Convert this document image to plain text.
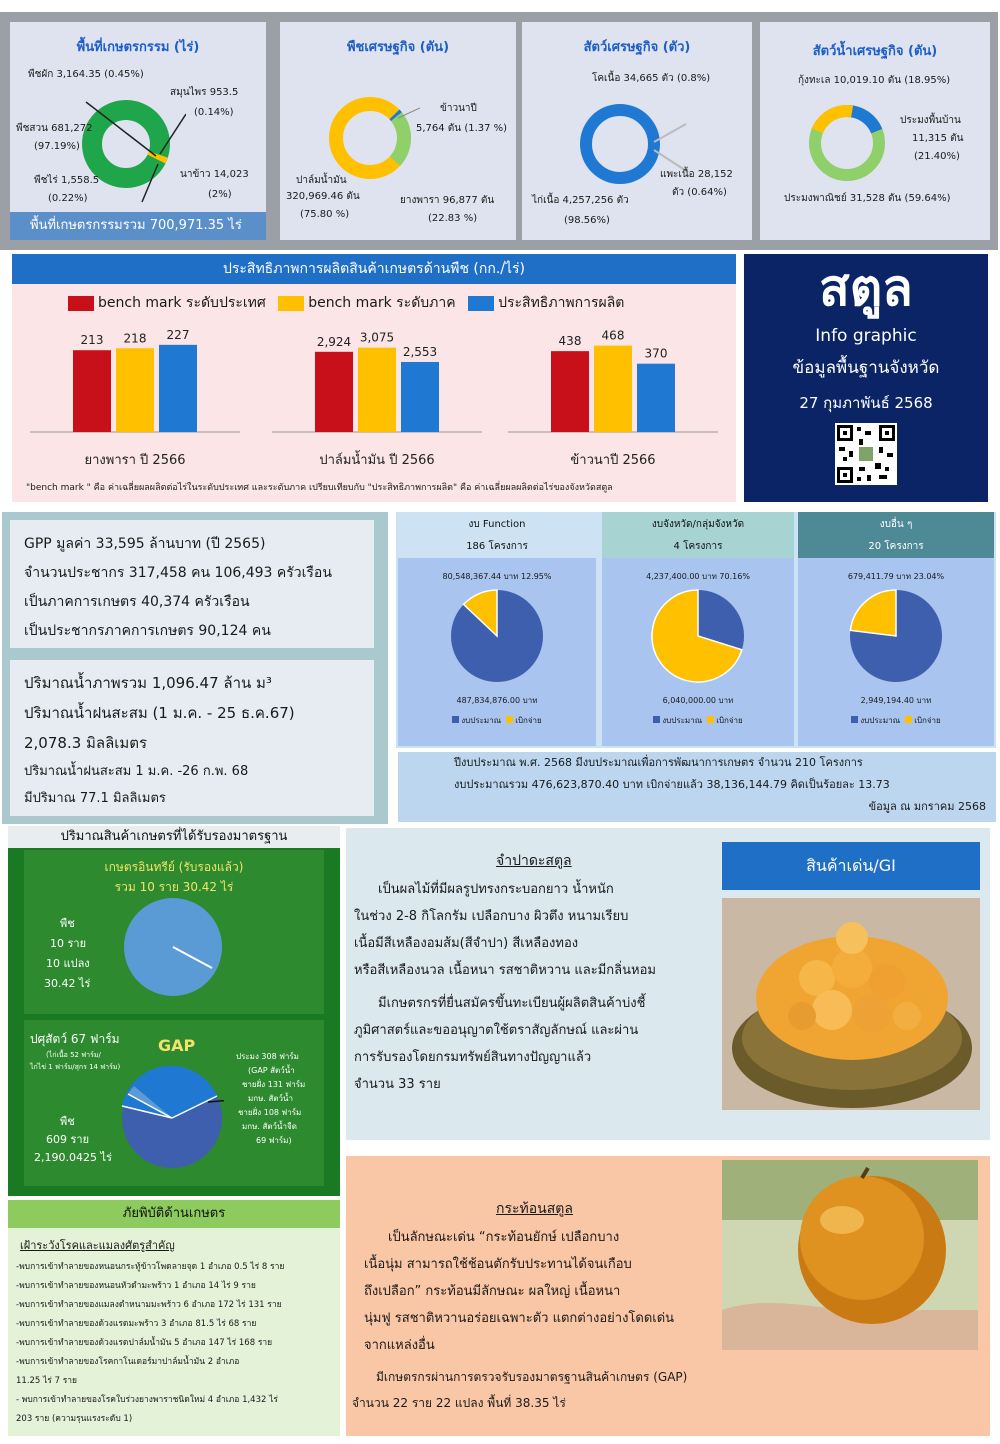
พื้นที่เกษตรกรรม (ไร่)
พืชผัก 3,164.35 (0.45%)
สมุนไพร 953.5
(0.14%)
พืชสวน 681,272
(97.19%)
พืชไร่ 1,558.5
(0.22%)
นาข้าว 14,023
(2%)
พื้นที่เกษตรกรรมรวม 700,971.35 ไร่
พืชเศรษฐกิจ (ตัน)
ข้าวนาปี
5,764 ตัน (1.37 %)
ปาล์มน้ำมัน
320,969.46 ตัน
(75.80 %)
ยางพารา 96,877 ตัน
(22.83 %)
สัตว์เศรษฐกิจ (ตัว)
โคเนื้อ 34,665 ตัว (0.8%)
แพะเนื้อ 28,152
ตัว (0.64%)
ไก่เนื้อ 4,257,256 ตัว
(98.56%)
สัตว์น้ำเศรษฐกิจ (ตัน)
กุ้งทะเล 10,019.10 ตัน (18.95%)
ประมงพื้นบ้าน
11,315 ตัน
(21.40%)
ประมงพาณิชย์ 31,528 ตัน (59.64%)
ประสิทธิภาพการผลิตสินค้าเกษตรด้านพืช (กก./ไร่)
bench mark ระดับประเทศ	bench mark ระดับภาค	ประสิทธิภาพการผลิต
213 218 227
ยางพารา ปี 2566
2,924 3,075
2,553
ปาล์มน้ำมัน ปี 2566
438 468
370
ข้าวนาปี 2566
"bench mark " คือ ค่าเฉลี่ยผลผลิตต่อไร่ในระดับประเทศ และระดับภาค เปรียบเทียบกับ "ประสิทธิภาพการผลิต" คือ ค่าเฉลี่ยผลผลิตต่อไร่ของจังหวัดสตูล
สตูล
Info graphic
ข้อมูลพื้นฐานจังหวัด
27 กุมภาพันธ์ 2568
GPP มูลค่า 33,595 ล้านบาท (ปี 2565)
จำนวนประชากร 317,458 คน 106,493 ครัวเรือน
เป็นภาคการเกษตร 40,374 ครัวเรือน
เป็นประชากรภาคการเกษตร 90,124 คน
ปริมาณน้ำภาพรวม 1,096.47 ล้าน ม³
ปริมาณน้ำฝนสะสม (1 ม.ค. - 25 ธ.ค.67)
2,078.3 มิลลิเมตร
ปริมาณน้ำฝนสะสม 1 ม.ค. -26 ก.พ. 68
มีปริมาณ 77.1 มิลลิเมตร
งบ Function
186 โครงการ
80,548,367.44 บาท 12.95%
487,834,876.00 บาท
งบประมาณ เบิกจ่าย
งบจังหวัด/กลุ่มจังหวัด
4 โครงการ
4,237,400.00 บาท 70.16%
6,040,000.00 บาท
งบประมาณ เบิกจ่าย
งบอื่น ๆ
20 โครงการ
679,411.79 บาท 23.04%
2,949,194.40 บาท
งบประมาณ เบิกจ่าย
ปีงบประมาณ พ.ศ. 2568 มีงบประมาณเพื่อการพัฒนาการเกษตร จำนวน 210 โครงการ
งบประมาณรวม 476,623,870.40 บาท เบิกจ่ายแล้ว 38,136,144.79 คิดเป็นร้อยละ 13.73
ข้อมูล ณ มกราคม 2568
ปริมาณสินค้าเกษตรที่ได้รับรองมาตรฐาน
เกษตรอินทรีย์ (รับรองแล้ว)
รวม 10 ราย 30.42 ไร่
พืช
10 ราย
10 แปลง
30.42 ไร่
ปศุสัตว์ 67 ฟาร์ม
(ไก่เนื้อ 52 ฟาร์ม/
ไก่ไข่ 1 ฟาร์ม/สุกร 14 ฟาร์ม)
GAP
ประมง 308 ฟาร์ม
(GAP สัตว์น้ำ
ชายฝั่ง 131 ฟาร์ม
มกษ. สัตว์น้ำ
ชายฝั่ง 108 ฟาร์ม
มกษ. สัตว์น้ำจืด
69 ฟาร์ม)
พืช
609 ราย
2,190.0425 ไร่
ภัยพิบัติด้านเกษตร
เฝ้าระวังโรคและแมลงศัตรูสำคัญ
-พบการเข้าทำลายของหนอนกระทู้ข้าวโพดลายจุด 1 อำเภอ 0.5 ไร่ 8 ราย
-พบการเข้าทำลายของหนอนหัวดำมะพร้าว 1 อำเภอ 14 ไร่ 9 ราย
-พบการเข้าทำลายของแมลงดำหนามมะพร้าว 6 อำเภอ 172 ไร่ 131 ราย
-พบการเข้าทำลายของด้วงแรดมะพร้าว 3 อำเภอ 81.5 ไร่ 68 ราย
-พบการเข้าทำลายของด้วงแรดปาล์มน้ำมัน 5 อำเภอ 147 ไร่ 168 ราย
-พบการเข้าทำลายของโรคกาโนเดอร์มาปาล์มน้ำมัน 2 อำเภอ
11.25 ไร่ 7 ราย
- พบการเข้าทำลายของโรคใบร่วงยางพาราชนิดใหม่ 4 อำเภอ 1,432 ไร่
203 ราย (ความรุนแรงระดับ 1)
สินค้าเด่น/GI
จำปาดะสตูล
เป็นผลไม้ที่มีผลรูปทรงกระบอกยาว น้ำหนัก
ในช่วง 2-8 กิโลกรัม เปลือกบาง ผิวตึง หนามเรียบ
เนื้อมีสีเหลืองอมส้ม(สีจำปา) สีเหลืองทอง
หรือสีเหลืองนวล เนื้อหนา รสชาติหวาน และมีกลิ่นหอม
มีเกษตรกรที่ยื่นสมัครขึ้นทะเบียนผู้ผลิตสินค้าบ่งชี้
ภูมิศาสตร์และขออนุญาตใช้ตราสัญลักษณ์ และผ่าน
การรับรองโดยกรมทรัพย์สินทางปัญญาแล้ว
จำนวน 33 ราย
กระท้อนสตูล
เป็นลักษณะเด่น “กระท้อนยักษ์ เปลือกบาง
เนื้อนุ่ม สามารถใช้ช้อนตักรับประทานได้จนเกือบ
ถึงเปลือก” กระท้อนมีลักษณะ ผลใหญ่ เนื้อหนา
นุ่มฟู รสชาติหวานอร่อยเฉพาะตัว แตกต่างอย่างโดดเด่น
จากแหล่งอื่น
มีเกษตรกรผ่านการตรวจรับรองมาตรฐานสินค้าเกษตร (GAP)
จำนวน 22 ราย 22 แปลง พื้นที่ 38.35 ไร่
